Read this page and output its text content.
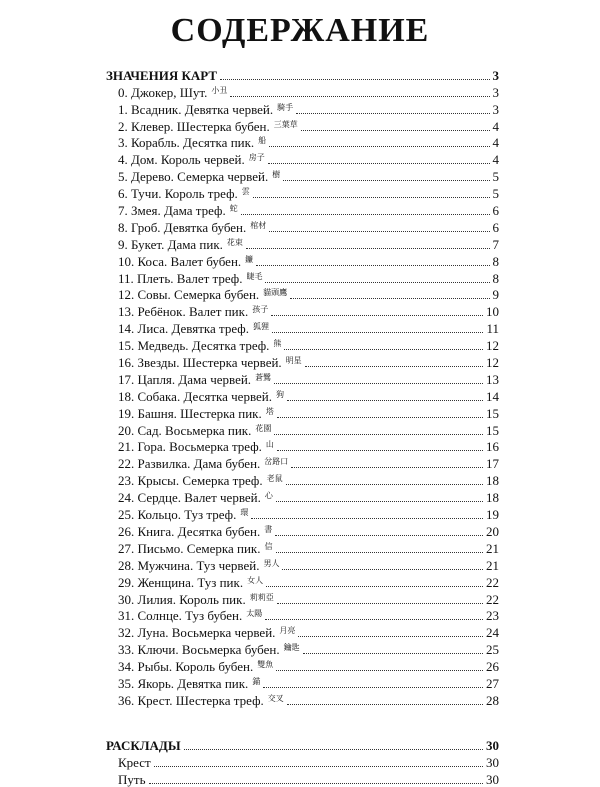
СОДЕРЖАНИЕ
ЗНАЧЕНИЯ КАРТ	3
0. Джокер, Шут. 小丑	3
1. Всадник. Девятка червей. 騎手	3
2. Клевер. Шестерка бубен. 三葉草	4
3. Корабль. Десятка пик. 船	4
4. Дом. Король червей. 房子	4
5. Дерево. Семерка червей. 樹	5
6. Тучи. Король треф. 雲	5
7. Змея. Дама треф. 蛇	6
8. Гроб. Девятка бубен. 棺材	6
9. Букет. Дама пик. 花束	7
10. Коса. Валет бубен. 鐮	8
11. Плеть. Валет треф. 睫毛	8
12. Совы. Семерка бубен. 貓頭鷹	9
13. Ребёнок. Валет пик. 孩子	10
14. Лиса. Девятка треф. 狐狸	11
15. Медведь. Десятка треф. 熊	12
16. Звезды. Шестерка червей. 明星	12
17. Цапля. Дама червей. 蒼鷺	13
18. Собака. Десятка червей. 狗	14
19. Башня. Шестерка пик. 塔	15
20. Сад. Восьмерка пик. 花園	15
21. Гора. Восьмерка треф. 山	16
22. Развилка. Дама бубен. 岔路口	17
23. Крысы. Семерка треф. 老鼠	18
24. Сердце. Валет червей. 心	18
25. Кольцо. Туз треф. 環	19
26. Книга. Десятка бубен. 書	20
27. Письмо. Семерка пик. 信	21
28. Мужчина. Туз червей. 男人	21
29. Женщина. Туз пик. 女人	22
30. Лилия. Король пик. 莉莉亞	22
31. Солнце. Туз бубен. 太陽	23
32. Луна. Восьмерка червей. 月亮	24
33. Ключи. Восьмерка бубен. 鑰匙	25
34. Рыбы. Король бубен. 雙魚	26
35. Якорь. Девятка пик. 錨	27
36. Крест. Шестерка треф. 交叉	28
РАСКЛАДЫ	30
Крест	30
Путь	30
